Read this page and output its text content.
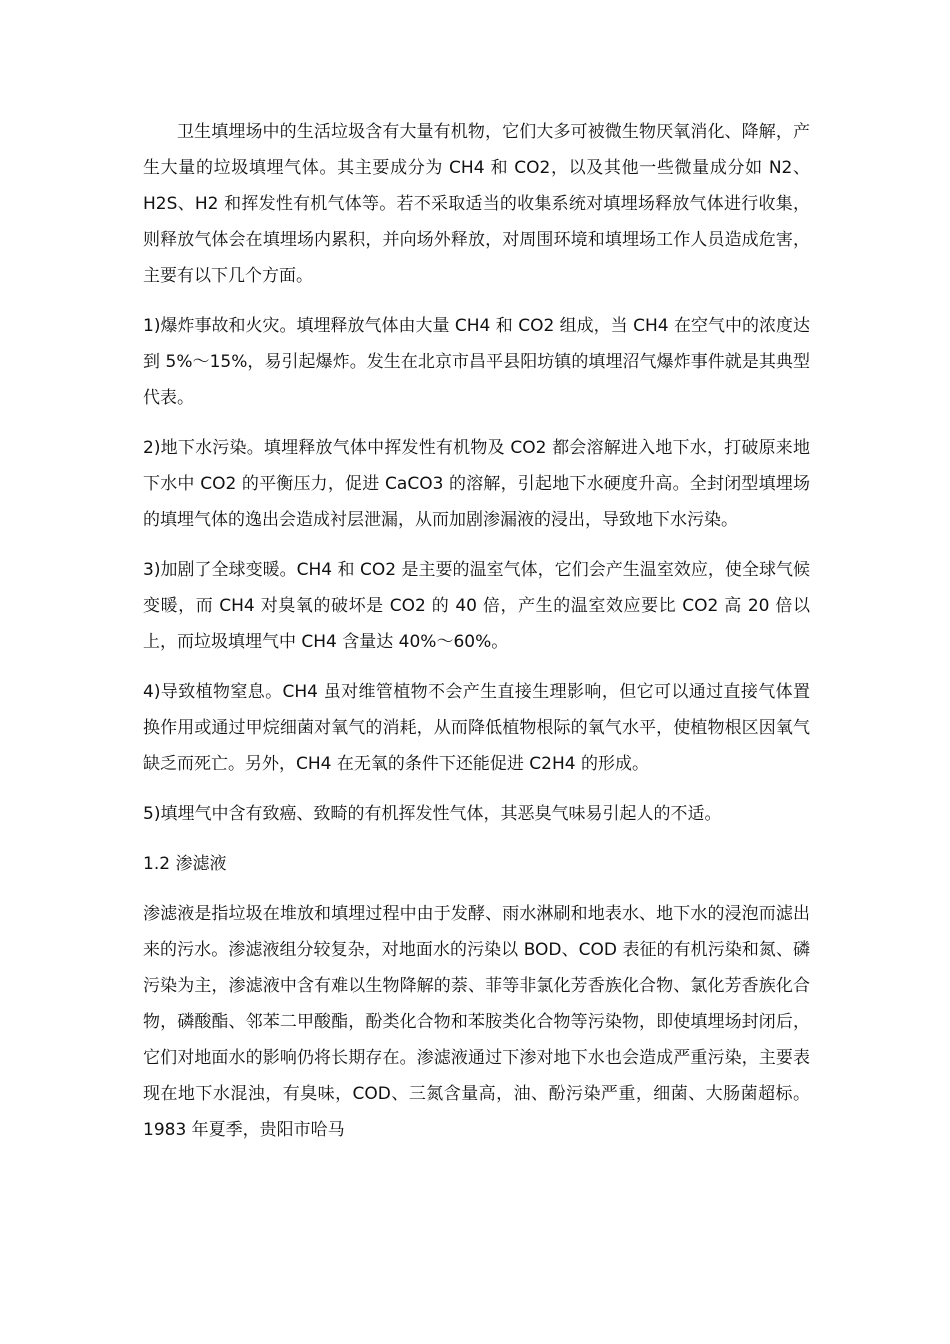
卫生填埋场中的生活垃圾含有大量有机物，它们大多可被微生物厌氧消化、降解，产生大量的垃圾填埋气体。其主要成分为 CH4 和 CO2，以及其他一些微量成分如 N2、H2S、H2 和挥发性有机气体等。若不采取适当的收集系统对填埋场释放气体进行收集，则释放气体会在填埋场内累积，并向场外释放，对周围环境和填埋场工作人员造成危害，主要有以下几个方面。

1)爆炸事故和火灾。填埋释放气体由大量 CH4 和 CO2 组成，当 CH4 在空气中的浓度达到 5%～15%，易引起爆炸。发生在北京市昌平县阳坊镇的填埋沼气爆炸事件就是其典型代表。

2)地下水污染。填埋释放气体中挥发性有机物及 CO2 都会溶解进入地下水，打破原来地下水中 CO2 的平衡压力，促进 CaCO3 的溶解，引起地下水硬度升高。全封闭型填埋场的填埋气体的逸出会造成衬层泄漏，从而加剧渗漏液的浸出，导致地下水污染。

3)加剧了全球变暖。CH4 和 CO2 是主要的温室气体，它们会产生温室效应，使全球气候变暖，而 CH4 对臭氧的破坏是 CO2 的 40 倍，产生的温室效应要比 CO2 高 20 倍以上，而垃圾填埋气中 CH4 含量达 40%～60%。

4)导致植物窒息。CH4 虽对维管植物不会产生直接生理影响，但它可以通过直接气体置换作用或通过甲烷细菌对氧气的消耗，从而降低植物根际的氧气水平，使植物根区因氧气缺乏而死亡。另外，CH4 在无氧的条件下还能促进 C2H4 的形成。

5)填埋气中含有致癌、致畸的有机挥发性气体，其恶臭气味易引起人的不适。

1.2 渗滤液

渗滤液是指垃圾在堆放和填埋过程中由于发酵、雨水淋刷和地表水、地下水的浸泡而滤出来的污水。渗滤液组分较复杂，对地面水的污染以 BOD、COD 表征的有机污染和氮、磷污染为主，渗滤液中含有难以生物降解的萘、菲等非氯化芳香族化合物、氯化芳香族化合物，磷酸酯、邻苯二甲酸酯，酚类化合物和苯胺类化合物等污染物，即使填埋场封闭后，它们对地面水的影响仍将长期存在。渗滤液通过下渗对地下水也会造成严重污染，主要表现在地下水混浊，有臭味，COD、三氮含量高，油、酚污染严重，细菌、大肠菌超标。1983 年夏季，贵阳市哈马
